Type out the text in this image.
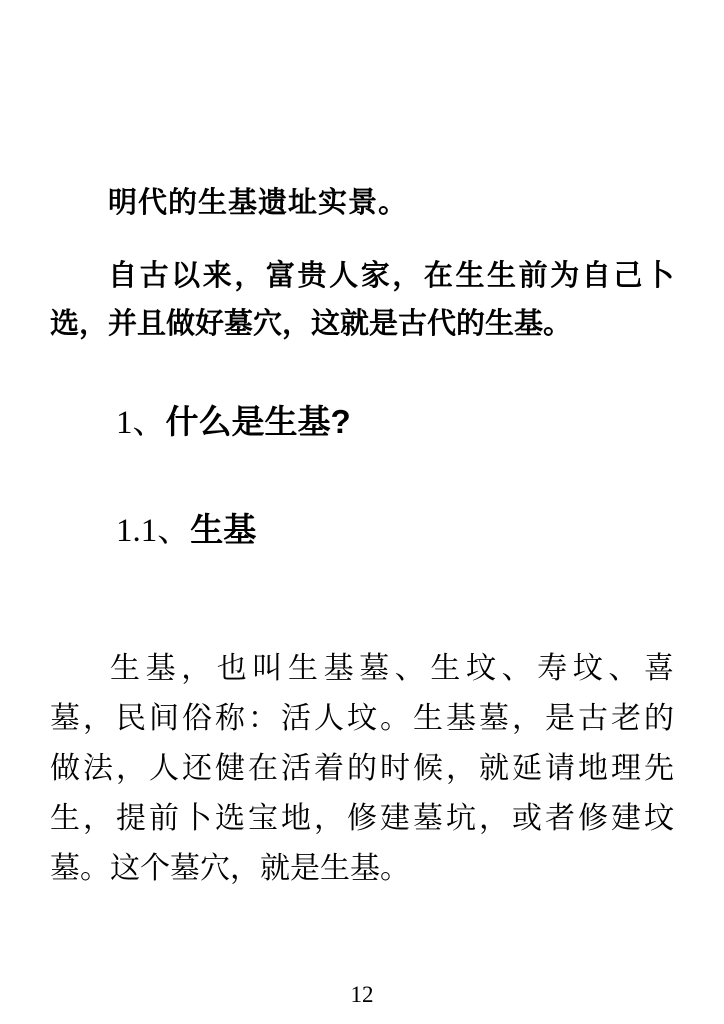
明代的生基遗址实景。
自古以来，富贵人家，在生生前为自己卜
选，并且做好墓穴，这就是古代的生基。
1、什么是生基?
1.1、生基
生基，也叫生基墓、生坟、寿坟、喜
墓，民间俗称：活人坟。生基墓，是古老的
做法，人还健在活着的时候，就延请地理先
生，提前卜选宝地，修建墓坑，或者修建坟
墓。这个墓穴，就是生基。
12
